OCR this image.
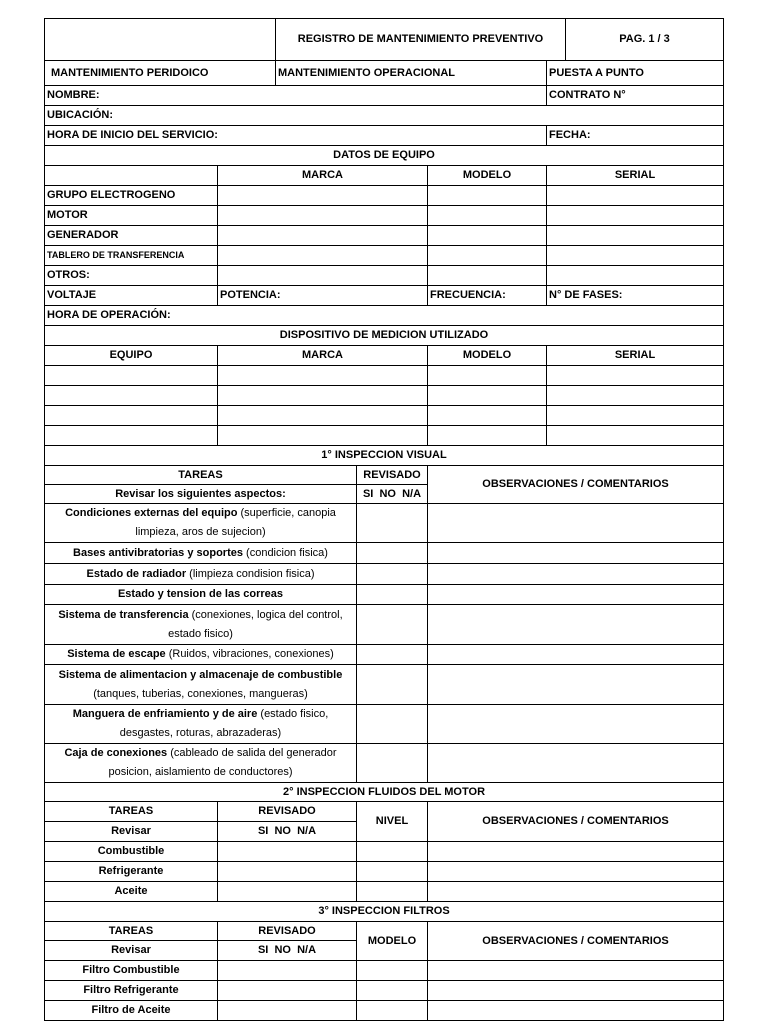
		REGISTRO DE MANTENIMIENTO PREVENTIVO				PAG. 1 / 3
MANTENIMIENTO PERIDOICO		MANTENIMIENTO OPERACIONAL			PUESTA A PUNTO	
NOMBRE:					CONTRATO N°	
UBICACIÓN:						
HORA DE INICIO DEL SERVICIO:					FECHA:	
DATOS DE EQUIPO						
	MARCA			MODELO	SERIAL	
GRUPO ELECTROGENO						
MOTOR						
GENERADOR						
TABLERO DE TRANSFERENCIA						
OTROS:						
VOLTAJE	POTENCIA:			FRECUENCIA:	N° DE FASES:	
HORA DE OPERACIÓN:						
DISPOSITIVO DE MEDICION UTILIZADO						
EQUIPO	MARCA			MODELO	SERIAL	

1° INSPECCION VISUAL						
TAREAS			REVISADO	OBSERVACIONES / COMENTARIOS		
Revisar los siguientes aspectos:			SI  NO  N/A			
Condiciones externas del equipo (superficie, canopia limpieza, aros de sujecion)						
Bases antivibratorias y soportes (condicion fisica)						
Estado de radiador (limpieza condision fisica)						
Estado y tension de las correas						
Sistema de transferencia (conexiones, logica del control, estado fisico)						
Sistema de escape (Ruidos, vibraciones, conexiones)						
Sistema de alimentacion y almacenaje de combustible (tanques, tuberias, conexiones, mangueras)						
Manguera de enfriamiento y de aire (estado fisico, desgastes, roturas, abrazaderas)						
Caja de conexiones (cableado de salida del generador posicion, aislamiento de conductores)						
2° INSPECCION FLUIDOS DEL MOTOR						
TAREAS	REVISADO		NIVEL	OBSERVACIONES / COMENTARIOS		
Revisar	SI  NO  N/A					
Combustible						
Refrigerante						
Aceite						
3° INSPECCION FILTROS						
TAREAS	REVISADO		MODELO	OBSERVACIONES / COMENTARIOS		
Revisar	SI  NO  N/A					
Filtro Combustible						
Filtro Refrigerante						
Filtro de Aceite						
